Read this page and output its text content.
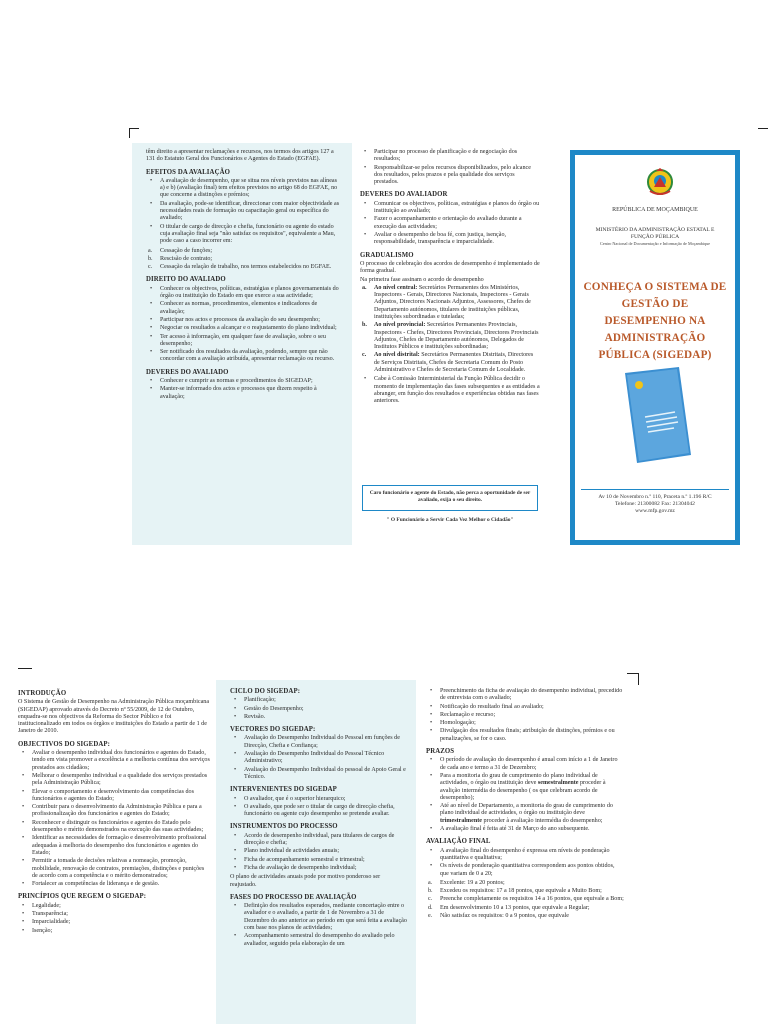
têm direito a apresentar reclamações e recursos, nos termos dos artigos 127 a 131 do Estatuto Geral dos Funcionários e Agentes do Estado (EGFAE).

EFEITOS DA AVALIAÇÃO
• A avaliação de desempenho, que se situa nos níveis previstos nas alíneas a) e b) (avaliação final) tem efeitos previstos no artigo 68 do EGFAE, no que concerne a distinções e prémios;
• Da avaliação, pode-se identificar, direccionar com maior objectividade as necessidades reais de formação ou capacitação geral ou específica do avaliado;
• O titular de cargo de direcção e chefia, funcionário ou agente do estado cuja avaliação final seja "não satisfaz os requisitos", equivalente a Mau, pode caso a caso incorrer em:
a. Cessação de funções;
b. Rescisão de contrato;
c. Cessação da relação de trabalho, nos termos estabelecidos no EGFAE.
DIREITO DO AVALIADO
• Conhecer os objectivos, políticas, estratégias e planos governamentais do órgão ou instituição do Estado em que exerce a sua actividade;
• Conhecer as normas, procedimentos, elementos e indicadores de avaliação;
• Participar nos actos e processos da avaliação do seu desempenho;
• Negociar os resultados a alcançar e o reajustamento do plano individual;
• Ter acesso à informação, em qualquer fase de avaliação, sobre o seu desempenho;
• Ser notificado dos resultados da avaliação, podendo, sempre que não concordar com a avaliação atribuída, apresentar reclamação ou recurso.
DEVERES DO AVALIADO
• Conhecer e cumprir as normas e procedimentos do SIGEDAP;
• Manter-se informado dos actos e processos que dizem respeito à avaliação;
• Participar no processo de planificação e de negociação dos resultados;
• Responsabilizar-se pelos recursos disponibilizados, pelo alcance dos resultados, pelos prazos e pela qualidade dos serviços prestados.
DEVERES DO AVALIADOR
• Comunicar os objectivos, políticas, estratégias e planos do órgão ou instituição ao avaliado;
• Fazer o acompanhamento e orientação do avaliado durante a execução das actividades;
• Avaliar o desempenho de boa fé, com justiça, isenção, responsabilidade, transparência e imparcialidade.
GRADUALISMO

O processo de celebração dos acordos de desempenho é implementado de forma gradual.

Na primeira fase assinam o acordo de desempenho

a. Ao nível central: Secretários Permanentes dos Ministérios, Inspectores - Gerais, Directores Nacionais, Inspectores - Gerais Adjuntos, Directores Nacionais Adjuntos, Assessores, Chefes de Departamento autónomos, titulares de instituições públicas, instituições subordinadas e tuteladas;
b. Ao nível provincial: Secretários Permanentes Provinciais, Inspectores - Chefes, Directores Provinciais, Directores Provinciais Adjuntos, Chefes de Departamento autónomos, Delegados de Institutos Públicos e instituições subordinadas;
c. Ao nível distrital: Secretários Permanentes Distritais, Directores de Serviços Distritais, Chefes de Secretaria Comum do Posto Administrativo e Chefes de Secretaria Comum de Localidade.
• Cabe à Comissão Interministerial da Função Pública decidir o momento de implementação das fases subsequentes e as entidades a abranger, em função dos resultados e experiências obtidas nas fases anteriores.
Caro funcionário e agente do Estado, não perca a oportunidade de ser avaliado, exija o seu direito.
" O Funcionário a Servir Cada Vez Melhor o Cidadão"
REPÚBLICA DE MOÇAMBIQUE
MINISTÉRIO DA ADMINISTRAÇÃO ESTATAL E FUNÇÃO PÚBLICA
Centro Nacional de Documentação e Informação de Moçambique
CONHEÇA O SISTEMA DE GESTÃO DE DESEMPENHO NA ADMINISTRAÇÃO PÚBLICA (SIGEDAP)
Av 10 de Novembro n.º 110, Praceta n.º 1.196 R/C
Telefone: 21300082 Fax: 21304042
www.mfp.gov.mz
INTRODUÇÃO

O Sistema de Gestão de Desempenho na Administração Pública moçambicana (SIGEDAP) aprovado através do Decreto nº 55/2009, de 12 de Outubro, enquadra-se nos objectivos da Reforma do Sector Público e foi institucionalizado em todos os órgãos e instituições do Estado a partir de 1 de Janeiro de 2010.

OBJECTIVOS DO SIGEDAP:
• Avaliar o desempenho individual dos funcionários e agentes do Estado, tendo em vista promover a excelência e a melhoria contínua dos serviços prestados aos cidadãos;
• Melhorar o desempenho individual e a qualidade dos serviços prestados pela Administração Pública;
• Elevar o comportamento e desenvolvimento das competências dos funcionários e agentes do Estado;
• Contribuir para o desenvolvimento da Administração Pública e para a profissionalização dos funcionários e agentes do Estado;
• Reconhecer e distinguir os funcionários e agentes do Estado pelo desempenho e mérito demonstrados na execução das suas actividades;
• Identificar as necessidades de formação e desenvolvimento profissional adequadas à melhoria do desempenho dos funcionários e agentes do Estado;
• Permitir a tomada de decisões relativas a nomeação, promoção, mobilidade, renovação de contratos, premiações, distinções e punições de acordo com a competência e o mérito demonstrados;
• Fortalecer as competências de liderança e de gestão.
PRINCÍPIOS QUE REGEM O SIGEDAP:
• Legalidade;
• Transparência;
• Imparcialidade;
• Isenção;
CICLO DO SIGEDAP:
• Planificação;
• Gestão do Desempenho;
• Revisão.
VECTORES DO SIGEDAP:
• Avaliação do Desempenho Individual do Pessoal em funções de Direcção, Chefia e Confiança;
• Avaliação do Desempenho Individual do Pessoal Técnico Administrativo;
• Avaliação do Desempenho Individual do pessoal de Apoio Geral e Técnico.
INTERVENIENTES DO SIGEDAP
• O avaliador, que é o superior hierarquico;
• O avaliado, que pode ser o titular de cargo de direcção chefia, funcionário ou agente cujo desempenho se pretende avaliar.
INSTRUMENTOS DO PROCESSO
• Acordo de desempenho individual, para titulares de cargos de direcção e chefia;
• Plano individual de actividades anuais;
• Ficha de acompanhamento semestral e trimestral;
• Ficha de avaliação de desempenho individual;

O plano de actividades anuais pode por motivo ponderoso ser reajustado.

FASES DO PROCESSO DE AVALIAÇÃO
• Definição dos resultados esperados, mediante concertação entre o avaliador e o avaliado, a partir de 1 de Novembro a 31 de Dezembro do ano anterior ao período em que será feita a avaliação com base nos planos de actividades;
• Acompanhamento semestral do desempenho do avaliado pelo avaliador, seguido pela elaboração de um
• Preenchimento da ficha de avaliação do desempenho individual, precedido de entrevista com o avaliado;
• Notificação do resultado final ao avaliado;
• Reclamação e recurso;
• Homologação;
• Divulgação dos resultados finais; atribuição de distinções, prémios e ou penalizações, se for o caso.
PRAZOS
• O período de avaliação do desempenho é anual com início a 1 de Janeiro de cada ano e termo a 31 de Dezembro;
• Para a monitoria do grau de cumprimento do plano individual de actividades, o órgão ou instituição deve semestralmente proceder à avalição intermédia do desempenho ( os que celebram acordo de desempenho);
• Até ao nível de Departamento, a monitoria do grau de cumprimento do plano individual de actividades, o órgão ou instituição deve trimestralmente proceder à avaliação intermédia do desempenho;
• A avaliação final é feita até 31 de Março do ano subsequente.
AVALIAÇÃO FINAL
• A avaliação final do desempenho é expressa em níveis de ponderação quantitativa e qualitativa;
• Os níveis de ponderação quantitativa correspondem aos pontos obtidos, que variam de 0 a 20;
a. Excelente: 19 a 20 pontos;
b. Excedeu os requisitos: 17 a 18 pontos, que equivale a Muito Bom;
c. Preenche completamente os requisitos 14 a 16 pontos, que equivale a Bom;
d. Em desenvolvimento 10 a 13 pontos, que equivale a Regular;
e. Não satisfaz os requisitos: 0 a 9 pontos, que equivale
